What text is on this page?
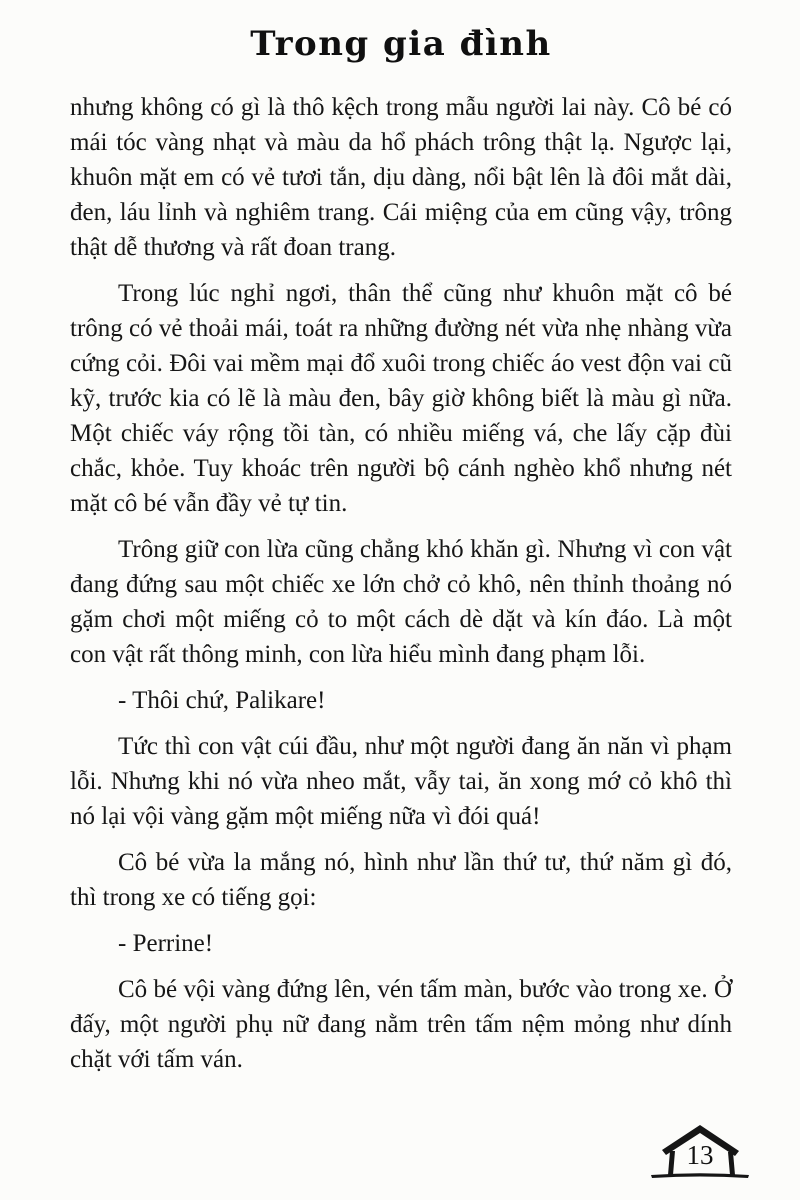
Trong gia đình

nhưng không có gì là thô kệch trong mẫu người lai này. Cô bé có mái tóc vàng nhạt và màu da hổ phách trông thật lạ. Ngược lại, khuôn mặt em có vẻ tươi tắn, dịu dàng, nổi bật lên là đôi mắt dài, đen, láu lỉnh và nghiêm trang. Cái miệng của em cũng vậy, trông thật dễ thương và rất đoan trang.

Trong lúc nghỉ ngơi, thân thể cũng như khuôn mặt cô bé trông có vẻ thoải mái, toát ra những đường nét vừa nhẹ nhàng vừa cứng cỏi. Đôi vai mềm mại đổ xuôi trong chiếc áo vest độn vai cũ kỹ, trước kia có lẽ là màu đen, bây giờ không biết là màu gì nữa. Một chiếc váy rộng tồi tàn, có nhiều miếng vá, che lấy cặp đùi chắc, khỏe. Tuy khoác trên người bộ cánh nghèo khổ nhưng nét mặt cô bé vẫn đầy vẻ tự tin.

Trông giữ con lừa cũng chẳng khó khăn gì. Nhưng vì con vật đang đứng sau một chiếc xe lớn chở cỏ khô, nên thỉnh thoảng nó gặm chơi một miếng cỏ to một cách dè dặt và kín đáo. Là một con vật rất thông minh, con lừa hiểu mình đang phạm lỗi.

- Thôi chứ, Palikare!

Tức thì con vật cúi đầu, như một người đang ăn năn vì phạm lỗi. Nhưng khi nó vừa nheo mắt, vẫy tai, ăn xong mớ cỏ khô thì nó lại vội vàng gặm một miếng nữa vì đói quá!

Cô bé vừa la mắng nó, hình như lần thứ tư, thứ năm gì đó, thì trong xe có tiếng gọi:

- Perrine!

Cô bé vội vàng đứng lên, vén tấm màn, bước vào trong xe. Ở đấy, một người phụ nữ đang nằm trên tấm nệm mỏng như dính chặt với tấm ván.

13
